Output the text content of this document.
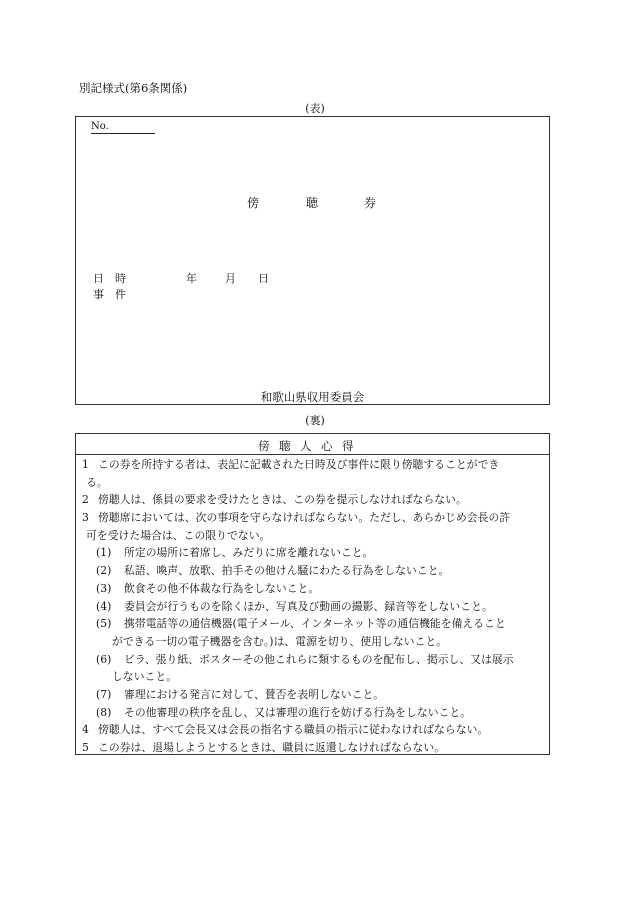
別記様式(第6条関係)
(表)
No.
傍	聴	券
日 時	年	月 日
事 件
和歌山県収用委員会
(裏)
傍 聴 人 心 得
1 この券を所持する者は、表記に記載された日時及び事件に限り傍聴することができ
る。
2 傍聴人は、係員の要求を受けたときは、この券を提示しなければならない。
3 傍聴席においては、次の事項を守らなければならない。ただし、あらかじめ会長の許
可を受けた場合は、この限りでない。
(1) 所定の場所に着席し、みだりに席を離れないこと。
(2) 私語、喚声、放歌、拍手その他けん騒にわたる行為をしないこと。
(3) 飲食その他不体裁な行為をしないこと。
(4) 委員会が行うものを除くほか、写真及び動画の撮影、録音等をしないこと。
(5) 携帯電話等の通信機器(電子メール、インターネット等の通信機能を備えること
ができる一切の電子機器を含む。)は、電源を切り、使用しないこと。
(6) ビラ、張り紙、ポスターその他これらに類するものを配布し、掲示し、又は展示
しないこと。
(7) 審理における発言に対して、賛否を表明しないこと。
(8) その他審理の秩序を乱し、又は審理の進行を妨げる行為をしないこと。
4 傍聴人は、すべて会長又は会長の指名する職員の指示に従わなければならない。
5 この券は、退場しようとするときは、職員に返還しなければならない。
